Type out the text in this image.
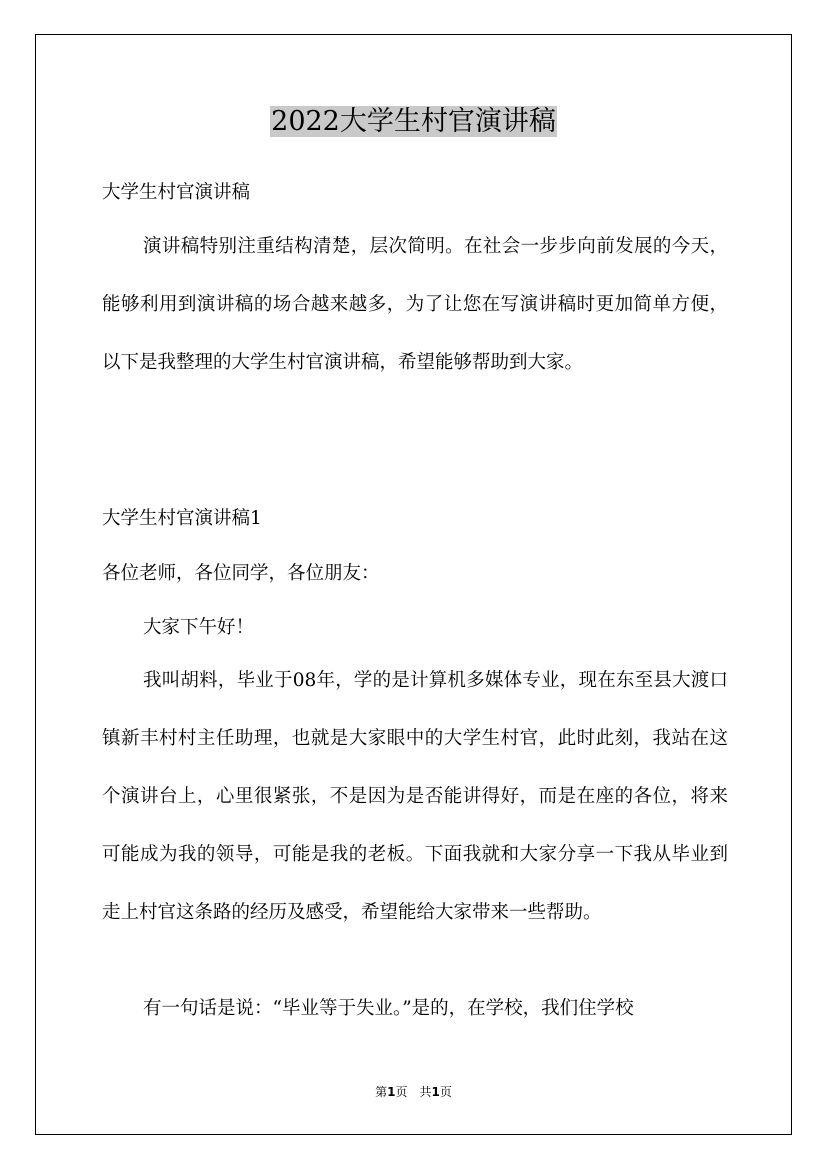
2022大学生村官演讲稿

大学生村官演讲稿

演讲稿特别注重结构清楚，层次简明。在社会一步步向前发展的今天，能够利用到演讲稿的场合越来越多，为了让您在写演讲稿时更加简单方便，以下是我整理的大学生村官演讲稿，希望能够帮助到大家。

大学生村官演讲稿1

各位老师，各位同学，各位朋友：

大家下午好！

我叫胡料，毕业于08年，学的是计算机多媒体专业，现在东至县大渡口镇新丰村村主任助理，也就是大家眼中的大学生村官，此时此刻，我站在这个演讲台上，心里很紧张，不是因为是否能讲得好，而是在座的各位，将来可能成为我的领导，可能是我的老板。下面我就和大家分享一下我从毕业到走上村官这条路的经历及感受，希望能给大家带来一些帮助。

有一句话是说：“毕业等于失业。”是的，在学校，我们住学校

第1页　共1页
